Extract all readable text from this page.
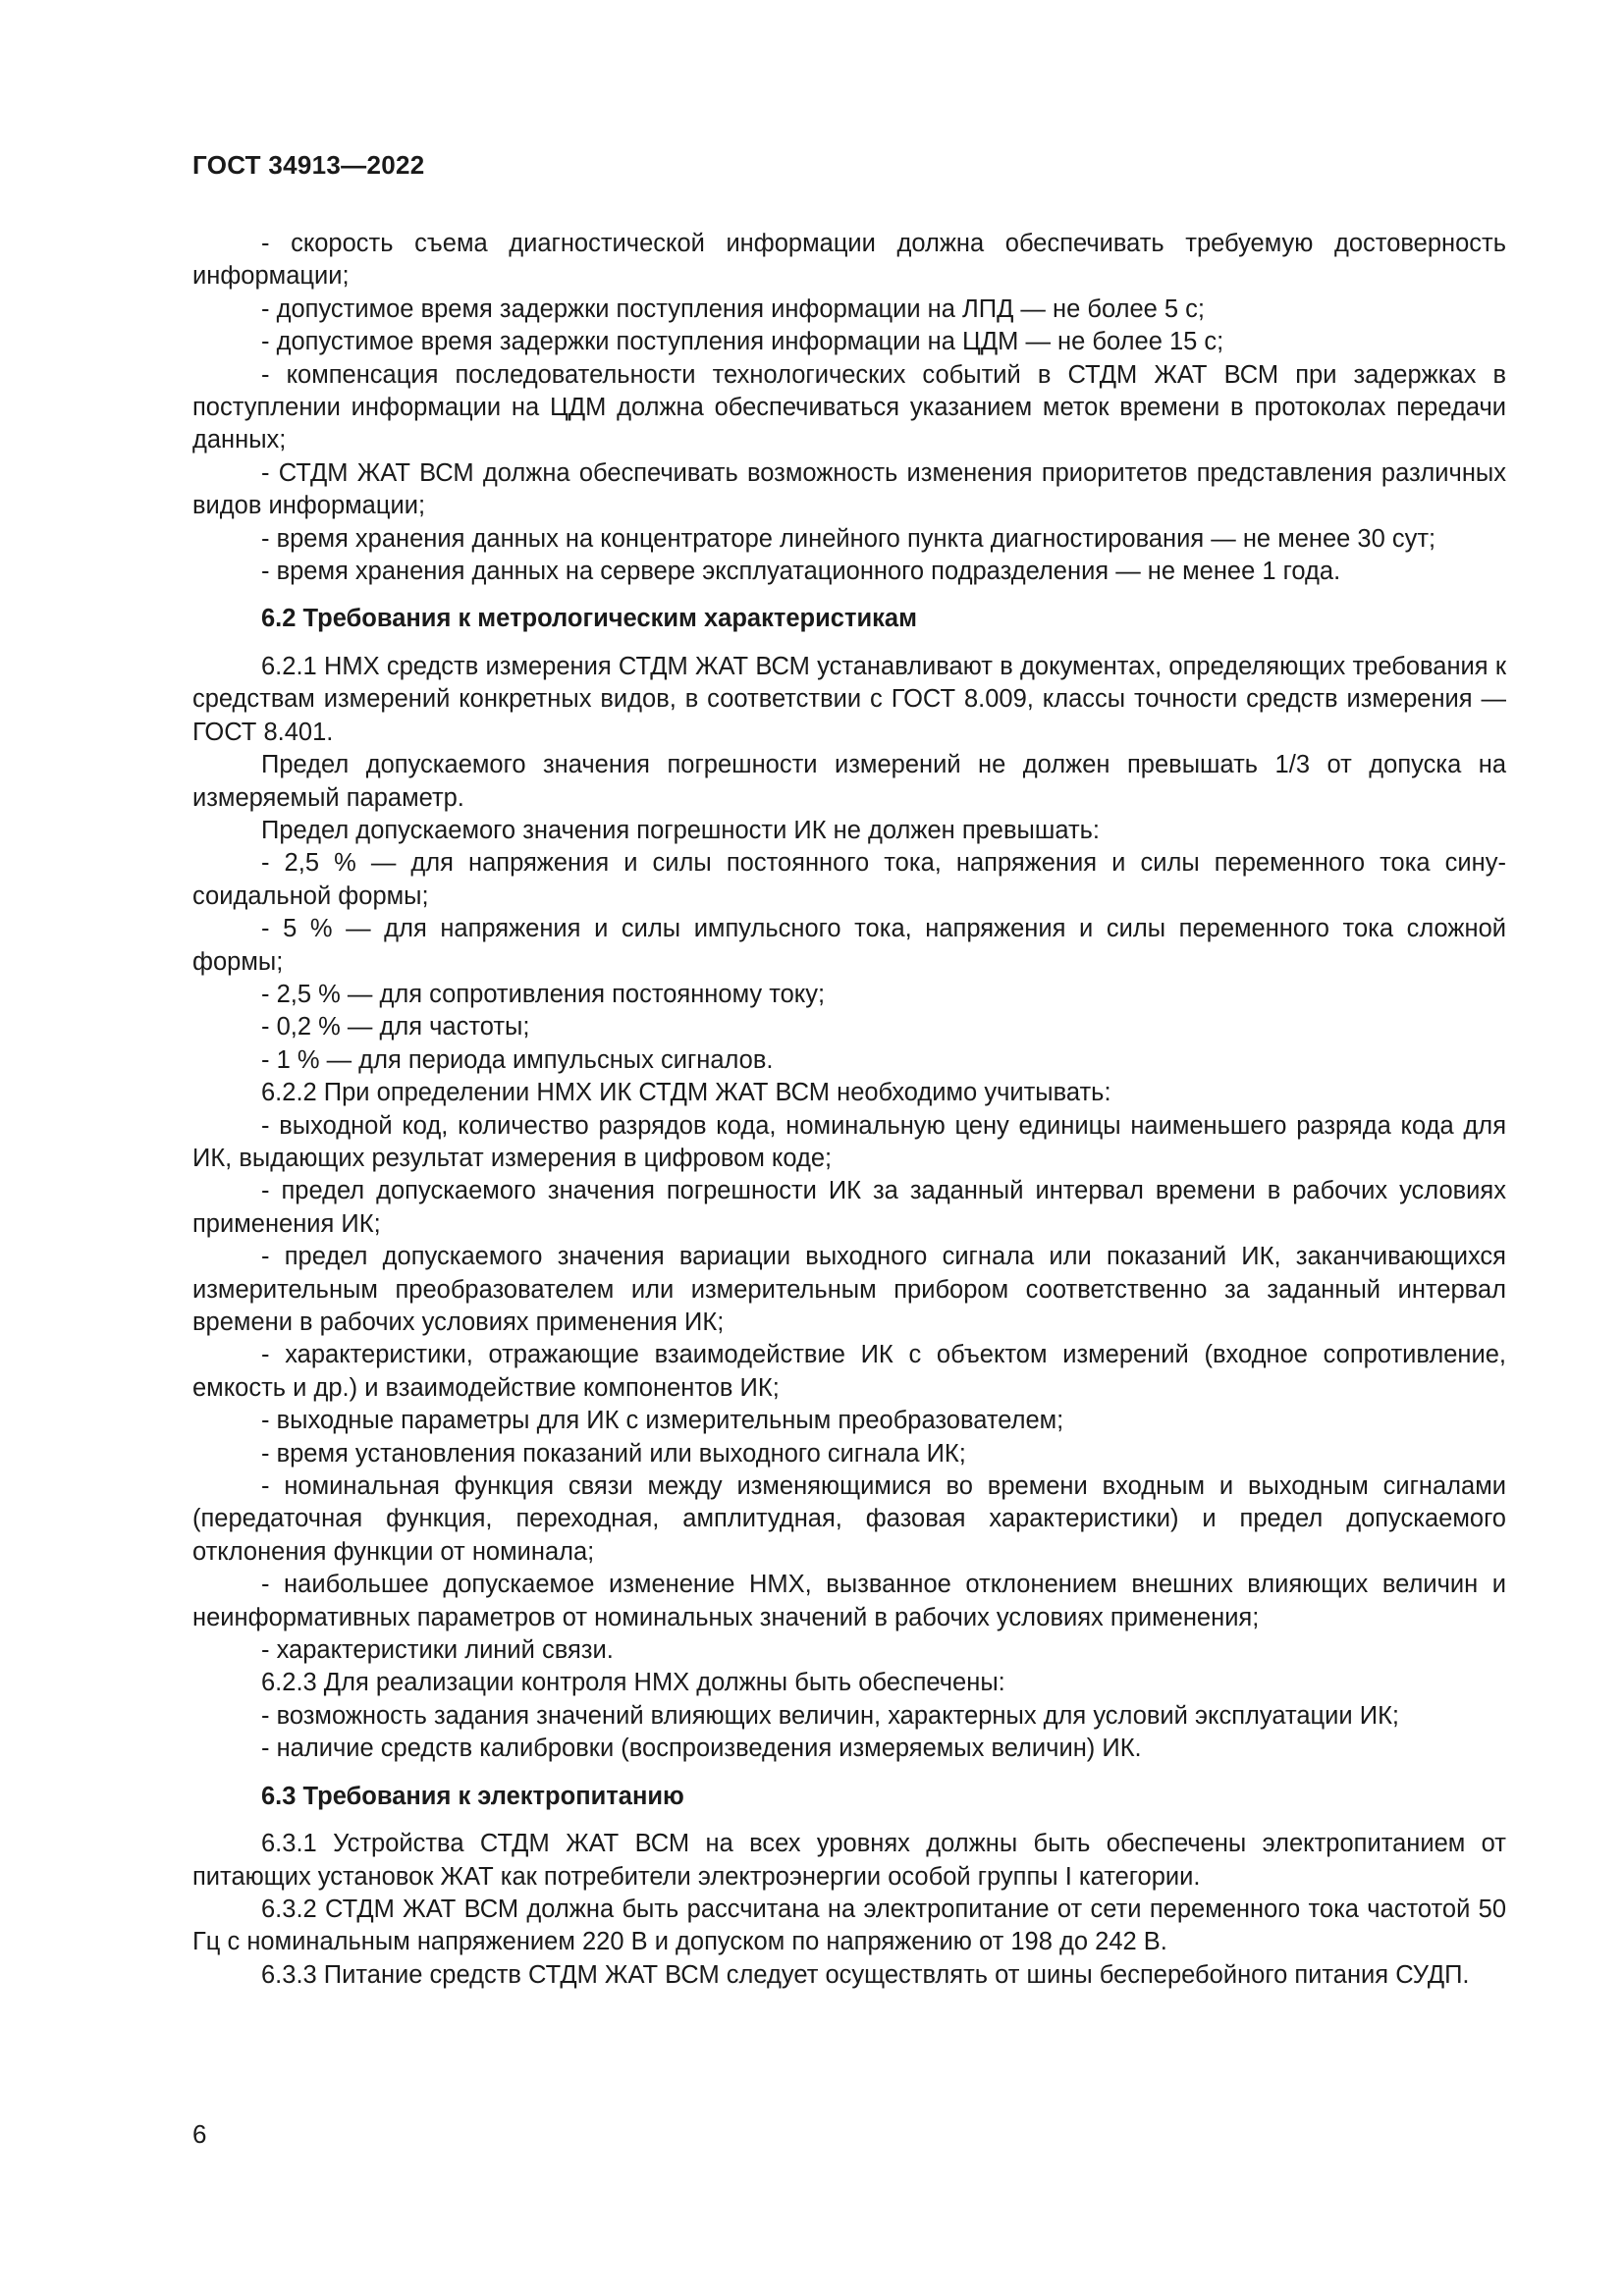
ГОСТ 34913—2022
- скорость съема диагностической информации должна обеспечивать требуемую достоверность информации;
- допустимое время задержки поступления информации на ЛПД — не более 5 с;
- допустимое время задержки поступления информации на ЦДМ — не более 15 с;
- компенсация последовательности технологических событий в СТДМ ЖАТ ВСМ при задержках в поступлении информации на ЦДМ должна обеспечиваться указанием меток времени в протоколах передачи данных;
- СТДМ ЖАТ ВСМ должна обеспечивать возможность изменения приоритетов представления различных видов информации;
- время хранения данных на концентраторе линейного пункта диагностирования — не менее 30 сут;
- время хранения данных на сервере эксплуатационного подразделения — не менее 1 года.
6.2 Требования к метрологическим характеристикам
6.2.1 НМХ средств измерения СТДМ ЖАТ ВСМ устанавливают в документах, определяющих требования к средствам измерений конкретных видов, в соответствии с ГОСТ 8.009, классы точности средств измерения — ГОСТ 8.401.
Предел допускаемого значения погрешности измерений не должен превышать 1/3 от допуска на измеряемый параметр.
Предел допускаемого значения погрешности ИК не должен превышать:
- 2,5 % — для напряжения и силы постоянного тока, напряжения и силы переменного тока синусоидальной формы;
- 5 % — для напряжения и силы импульсного тока, напряжения и силы переменного тока сложной формы;
- 2,5 % — для сопротивления постоянному току;
- 0,2 % — для частоты;
- 1 % — для периода импульсных сигналов.
6.2.2 При определении НМХ ИК СТДМ ЖАТ ВСМ необходимо учитывать:
- выходной код, количество разрядов кода, номинальную цену единицы наименьшего разряда кода для ИК, выдающих результат измерения в цифровом коде;
- предел допускаемого значения погрешности ИК за заданный интервал времени в рабочих условиях применения ИК;
- предел допускаемого значения вариации выходного сигнала или показаний ИК, заканчивающихся измерительным преобразователем или измерительным прибором соответственно за заданный интервал времени в рабочих условиях применения ИК;
- характеристики, отражающие взаимодействие ИК с объектом измерений (входное сопротивление, емкость и др.) и взаимодействие компонентов ИК;
- выходные параметры для ИК с измерительным преобразователем;
- время установления показаний или выходного сигнала ИК;
- номинальная функция связи между изменяющимися во времени входным и выходным сигналами (передаточная функция, переходная, амплитудная, фазовая характеристики) и предел допускаемого отклонения функции от номинала;
- наибольшее допускаемое изменение НМХ, вызванное отклонением внешних влияющих величин и неинформативных параметров от номинальных значений в рабочих условиях применения;
- характеристики линий связи.
6.2.3 Для реализации контроля НМХ должны быть обеспечены:
- возможность задания значений влияющих величин, характерных для условий эксплуатации ИК;
- наличие средств калибровки (воспроизведения измеряемых величин) ИК.
6.3 Требования к электропитанию
6.3.1 Устройства СТДМ ЖАТ ВСМ на всех уровнях должны быть обеспечены электропитанием от питающих установок ЖАТ как потребители электроэнергии особой группы I категории.
6.3.2 СТДМ ЖАТ ВСМ должна быть рассчитана на электропитание от сети переменного тока частотой 50 Гц с номинальным напряжением 220 В и допуском по напряжению от 198 до 242 В.
6.3.3 Питание средств СТДМ ЖАТ ВСМ следует осуществлять от шины бесперебойного питания СУДП.
6
